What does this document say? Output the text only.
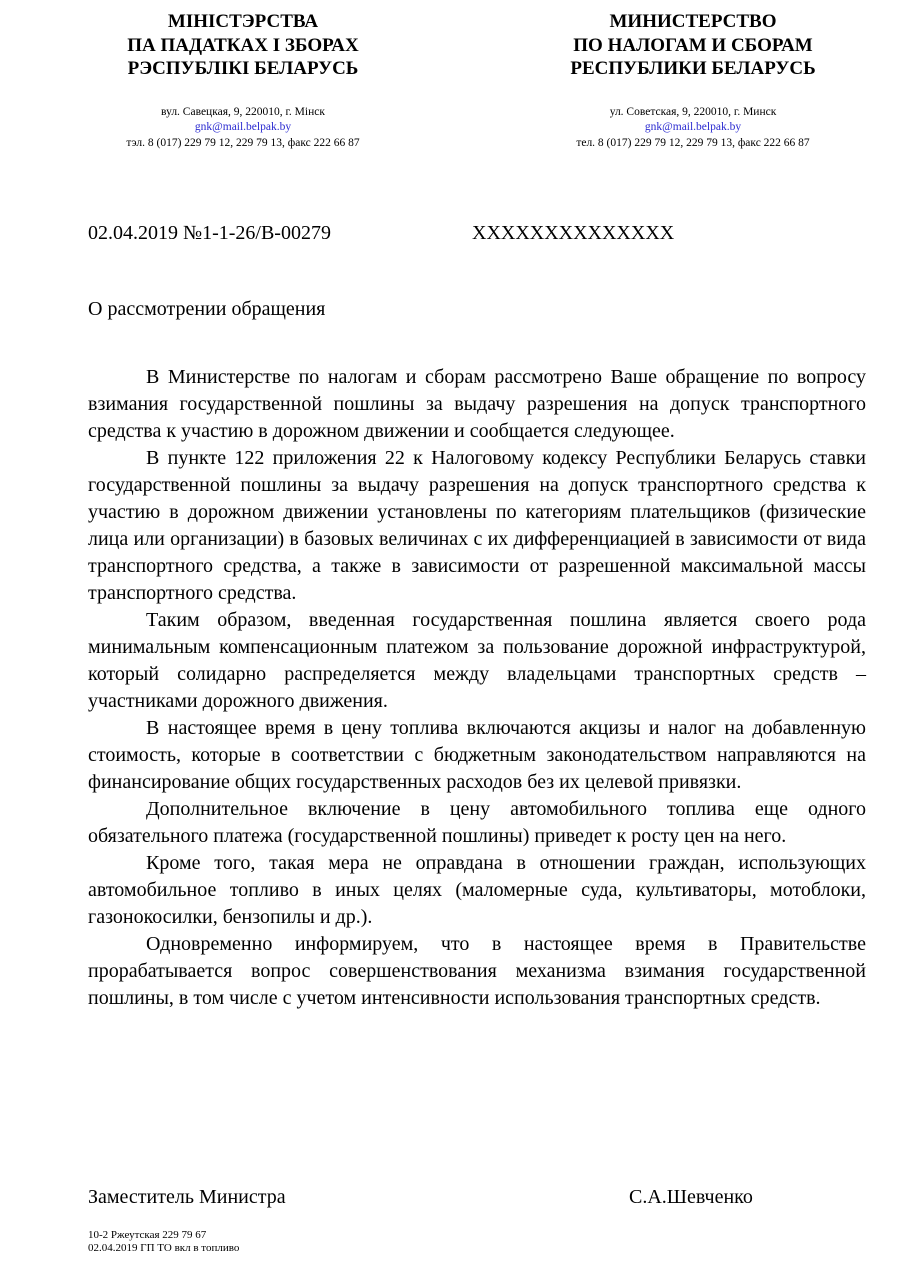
МІНІСТЭРСТВА
ПА ПАДАТКАХ І ЗБОРАХ
РЭСПУБЛІКІ БЕЛАРУСЬ
вул. Савецкая, 9, 220010, г. Мінск
gnk@mail.belpak.by
тэл. 8 (017) 229 79 12, 229 79 13, факс 222 66 87
МИНИСТЕРСТВО
ПО НАЛОГАМ И СБОРАМ
РЕСПУБЛИКИ БЕЛАРУСЬ
ул. Советская, 9, 220010, г. Минск
gnk@mail.belpak.by
тел. 8 (017) 229 79 12, 229 79 13, факс 222 66 87
02.04.2019 №1-1-26/В-00279	XXXXXXXXXXXXXX
О рассмотрении обращения

В Министерстве по налогам и сборам рассмотрено Ваше обращение по вопросу взимания государственной пошлины за выдачу разрешения на допуск транспортного средства к участию в дорожном движении и сообщается следующее.

В пункте 122 приложения 22 к Налоговому кодексу Республики Беларусь ставки государственной пошлины за выдачу разрешения на допуск транспортного средства к участию в дорожном движении установлены по категориям плательщиков (физические лица или организации) в базовых величинах с их дифференциацией в зависимости от вида транспортного средства, а также в зависимости от разрешенной максимальной массы транспортного средства.

Таким образом, введенная государственная пошлина является своего рода минимальным компенсационным платежом за пользование дорожной инфраструктурой, который солидарно распределяется между владельцами транспортных средств – участниками дорожного движения.

В настоящее время в цену топлива включаются акцизы и налог на добавленную стоимость, которые в соответствии с бюджетным законодательством направляются на финансирование общих государственных расходов без их целевой привязки.

Дополнительное включение в цену автомобильного топлива еще одного обязательного платежа (государственной пошлины) приведет к росту цен на него.

Кроме того, такая мера не оправдана в отношении граждан, использующих автомобильное топливо в иных целях (маломерные суда, культиваторы, мотоблоки, газонокосилки, бензопилы и др.).

Одновременно информируем, что в настоящее время в Правительстве прорабатывается вопрос совершенствования механизма взимания государственной пошлины, в том числе с учетом интенсивности использования транспортных средств.

Заместитель Министра	С.А.Шевченко
10-2 Ржеутская 229 79 67
02.04.2019 ГП ТО вкл в топливо
